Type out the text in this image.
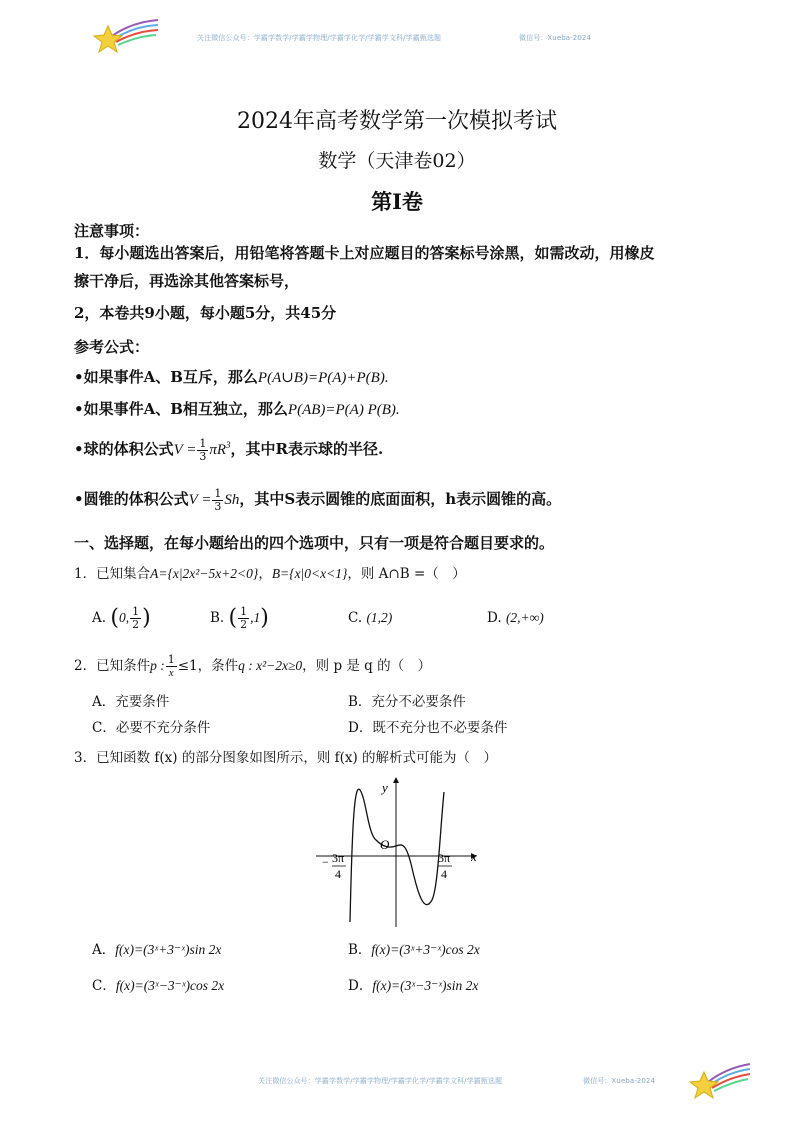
关注微信公众号：学霸学数学/学霸学物理/学霸学化学/学霸学文科/学霸甄选题	微信号：Xueba-2024
2024年高考数学第一次模拟考试
数学（天津卷02）
第I卷
注意事项：
1．每小题选出答案后，用铅笔将答题卡上对应题目的答案标号涂黑，如需改动，用橡皮
擦干净后，再选涂其他答案标号，
2，本卷共9小题，每小题5分，共45分
参考公式：
•如果事件A、B互斥，那么P(A∪B)=P(A)+P(B).
•如果事件A、B相互独立，那么P(AB)=P(A) P(B).
•球的体积公式$V = \frac{1}{3} \pi R^3$，其中R表示球的半径.
•圆锥的体积公式$V = \frac{1}{3}$ Sh，其中S表示圆锥的底面面积，h表示圆锥的高。
一、选择题，在每小题给出的四个选项中，只有一项是符合题目要求的。
1．已知集合A={x|2x²−5x+2<0}，B={x|0<x<1}，则 A∩B =（　）
A. (0, $\frac{1}{2}$ )	B. ( $\frac{1}{2} ,1$)	C. (1,2)	D. (2,+∞)
2．已知条件p : $\frac{1}{x} \le 1$，条件q : x²−2x≥0，则 p 是 q 的（　）
A．充要条件	B．充分不必要条件
C．必要不充分条件	D．既不充分也不必要条件
3．已知函数 f(x) 的部分图象如图所示，则 f(x) 的解析式可能为（　）
y
x
O
− 3π
4
3π
4
A．f(x)=(3ˣ+3⁻ˣ)sin 2x	B．f(x)=(3ˣ+3⁻ˣ)cos 2x
C．f(x)=(3ˣ−3⁻ˣ)cos 2x	D．f(x)=(3ˣ−3⁻ˣ)sin 2x
关注微信公众号：学霸学数学/学霸学物理/学霸学化学/学霸学文科/学霸甄选题	微信号：Xueba-2024
